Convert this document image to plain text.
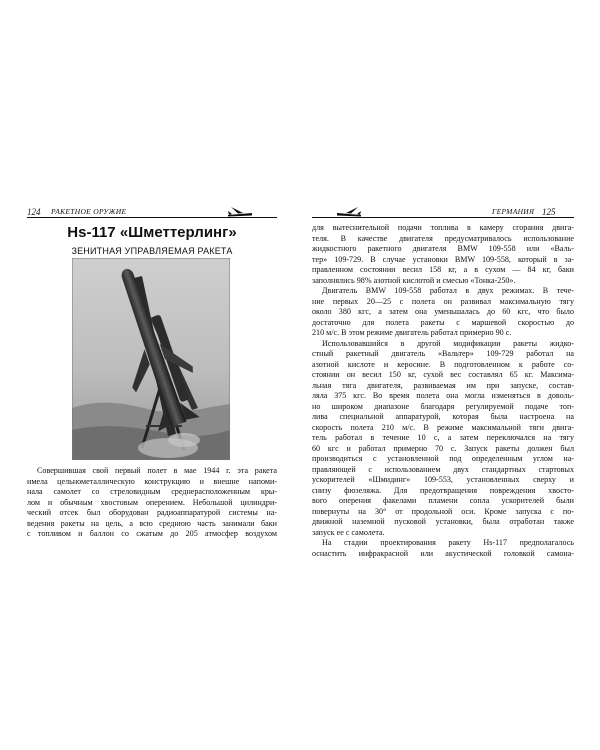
124 РАКЕТНОЕ ОРУЖИЕ
Hs-117 «Шметтерлинг»
ЗЕНИТНАЯ УПРАВЛЯЕМАЯ РАКЕТА
Совершившая свой первый полет в мае 1944 г. эта ракета
имела цельнометаллическую конструкцию и внешне напоми-
нала самолет со стреловидным среднерасположенным кры-
лом и обычным хвостовым оперением. Небольшой цилиндри-
ческий отсек был оборудован радиоаппаратурой системы на-
ведения ракеты на цель, а всю среднюю часть занимали баки
с топливом и баллон со сжатым до 205 атмосфер воздухом
ГЕРМАНИЯ 125
для вытеснительной подачи топлива в камеру сгорания двига-
теля. В качестве двигателя предусматривалось использование
жидкостного ракетного двигателя BMW 109-558 или «Валь-
тер» 109-729. В случае установки BMW 109-558, который в за-
правленном состоянии весил 158 кг, а в сухом — 84 кг, баки
заполнялись 98% азотной кислотой и смесью «Тонка-250».
Двигатель BMW 109-558 работал в двух режимах. В тече-
ние первых 20—25 с полета он развивал максимальную тягу
около 380 кгс, а затем она уменьшалась до 60 кгс, что было
достаточно для полета ракеты с маршевой скоростью до
210 м/с. В этом режиме двигатель работал примерно 90 с.
Использовавшийся в другой модификации ракеты жидко-
стный ракетный двигатель «Вальтер» 109-729 работал на
азотной кислоте и керосине. В подготовленном к работе со-
стоянии он весил 150 кг, сухой вес составлял 65 кг. Максима-
льная тяга двигателя, развиваемая им при запуске, состав-
ляла 375 кгс. Во время полета она могла изменяться в доволь-
но широком диапазоне благодаря регулируемой подаче топ-
лива специальной аппаратурой, которая была настроена на
скорость полета 210 м/с. В режиме максимальной тяги двига-
тель работал в течение 10 с, а затем переключался на тягу
60 кгс и работал примерно 70 с. Запуск ракеты должен был
производиться с установленной под определенным углом на-
правляющей с использованием двух стандартных стартовых
ускорителей «Шмидинг» 109-553, установленных сверху и
снизу фюзеляжа. Для предотвращения повреждения хвосто-
вого оперения факелами пламени сопла ускорителей были
повернуты на 30° от продольной оси. Кроме запуска с по-
движной наземной пусковой установки, была отработан также
запуск ее с самолета.
На стадии проектирования ракету Hs-117 предполагалось
оснастить инфракрасной или акустической головкой самона-
